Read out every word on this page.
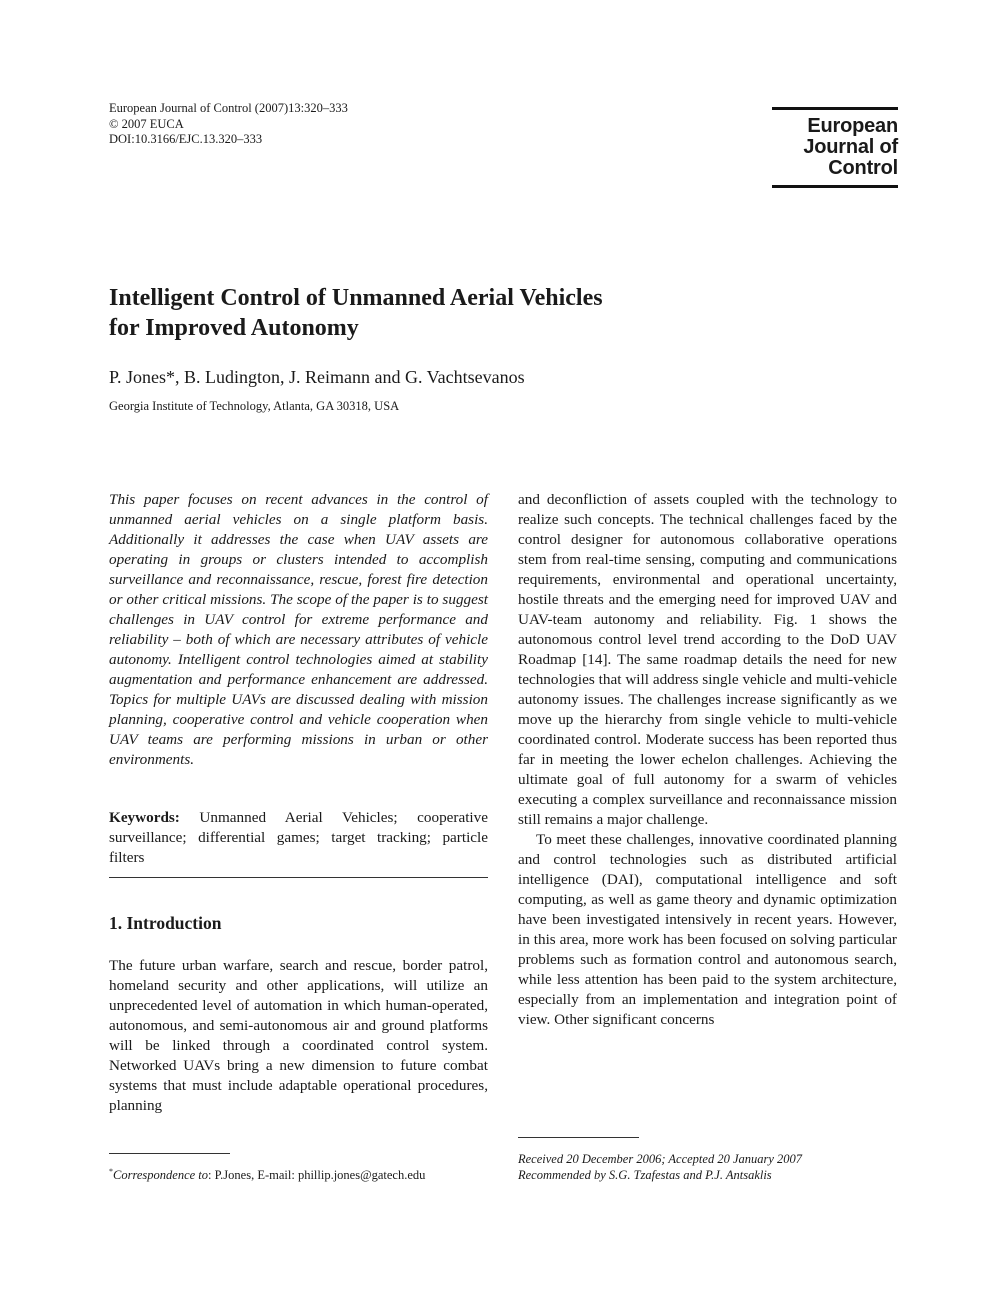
European Journal of Control (2007)13:320–333
© 2007 EUCA
DOI:10.3166/EJC.13.320–333
European
Journal of
Control
Intelligent Control of Unmanned Aerial Vehicles
for Improved Autonomy
P. Jones*, B. Ludington, J. Reimann and G. Vachtsevanos
Georgia Institute of Technology, Atlanta, GA 30318, USA
This paper focuses on recent advances in the control of unmanned aerial vehicles on a single platform basis. Additionally it addresses the case when UAV assets are operating in groups or clusters intended to accomplish surveillance and reconnaissance, rescue, forest fire detection or other critical missions. The scope of the paper is to suggest challenges in UAV control for extreme performance and reliability – both of which are necessary attributes of vehicle autonomy. Intelligent control technologies aimed at stability augmentation and performance enhancement are addressed. Topics for multiple UAVs are discussed dealing with mission planning, cooperative control and vehicle cooperation when UAV teams are performing missions in urban or other environments.
Keywords: Unmanned Aerial Vehicles; cooperative surveillance; differential games; target tracking; particle filters
1. Introduction
The future urban warfare, search and rescue, border patrol, homeland security and other applications, will utilize an unprecedented level of automation in which human-operated, autonomous, and semi-autonomous air and ground platforms will be linked through a coordinated control system. Networked UAVs bring a new dimension to future combat systems that must include adaptable operational procedures, planning

and deconfliction of assets coupled with the technology to realize such concepts. The technical challenges faced by the control designer for autonomous collaborative operations stem from real-time sensing, computing and communications requirements, environmental and operational uncertainty, hostile threats and the emerging need for improved UAV and UAV-team autonomy and reliability. Fig. 1 shows the autonomous control level trend according to the DoD UAV Roadmap [14]. The same roadmap details the need for new technologies that will address single vehicle and multi-vehicle autonomy issues. The challenges increase significantly as we move up the hierarchy from single vehicle to multi-vehicle coordinated control. Moderate success has been reported thus far in meeting the lower echelon challenges. Achieving the ultimate goal of full autonomy for a swarm of vehicles executing a complex surveillance and reconnaissance mission still remains a major challenge.

To meet these challenges, innovative coordinated planning and control technologies such as distributed artificial intelligence (DAI), computational intelligence and soft computing, as well as game theory and dynamic optimization have been investigated intensively in recent years. However, in this area, more work has been focused on solving particular problems such as formation control and autonomous search, while less attention has been paid to the system architecture, especially from an implementation and integration point of view. Other significant concerns

*Correspondence to: P.Jones, E-mail: phillip.jones@gatech.edu
Received 20 December 2006; Accepted 20 January 2007
Recommended by S.G. Tzafestas and P.J. Antsaklis
